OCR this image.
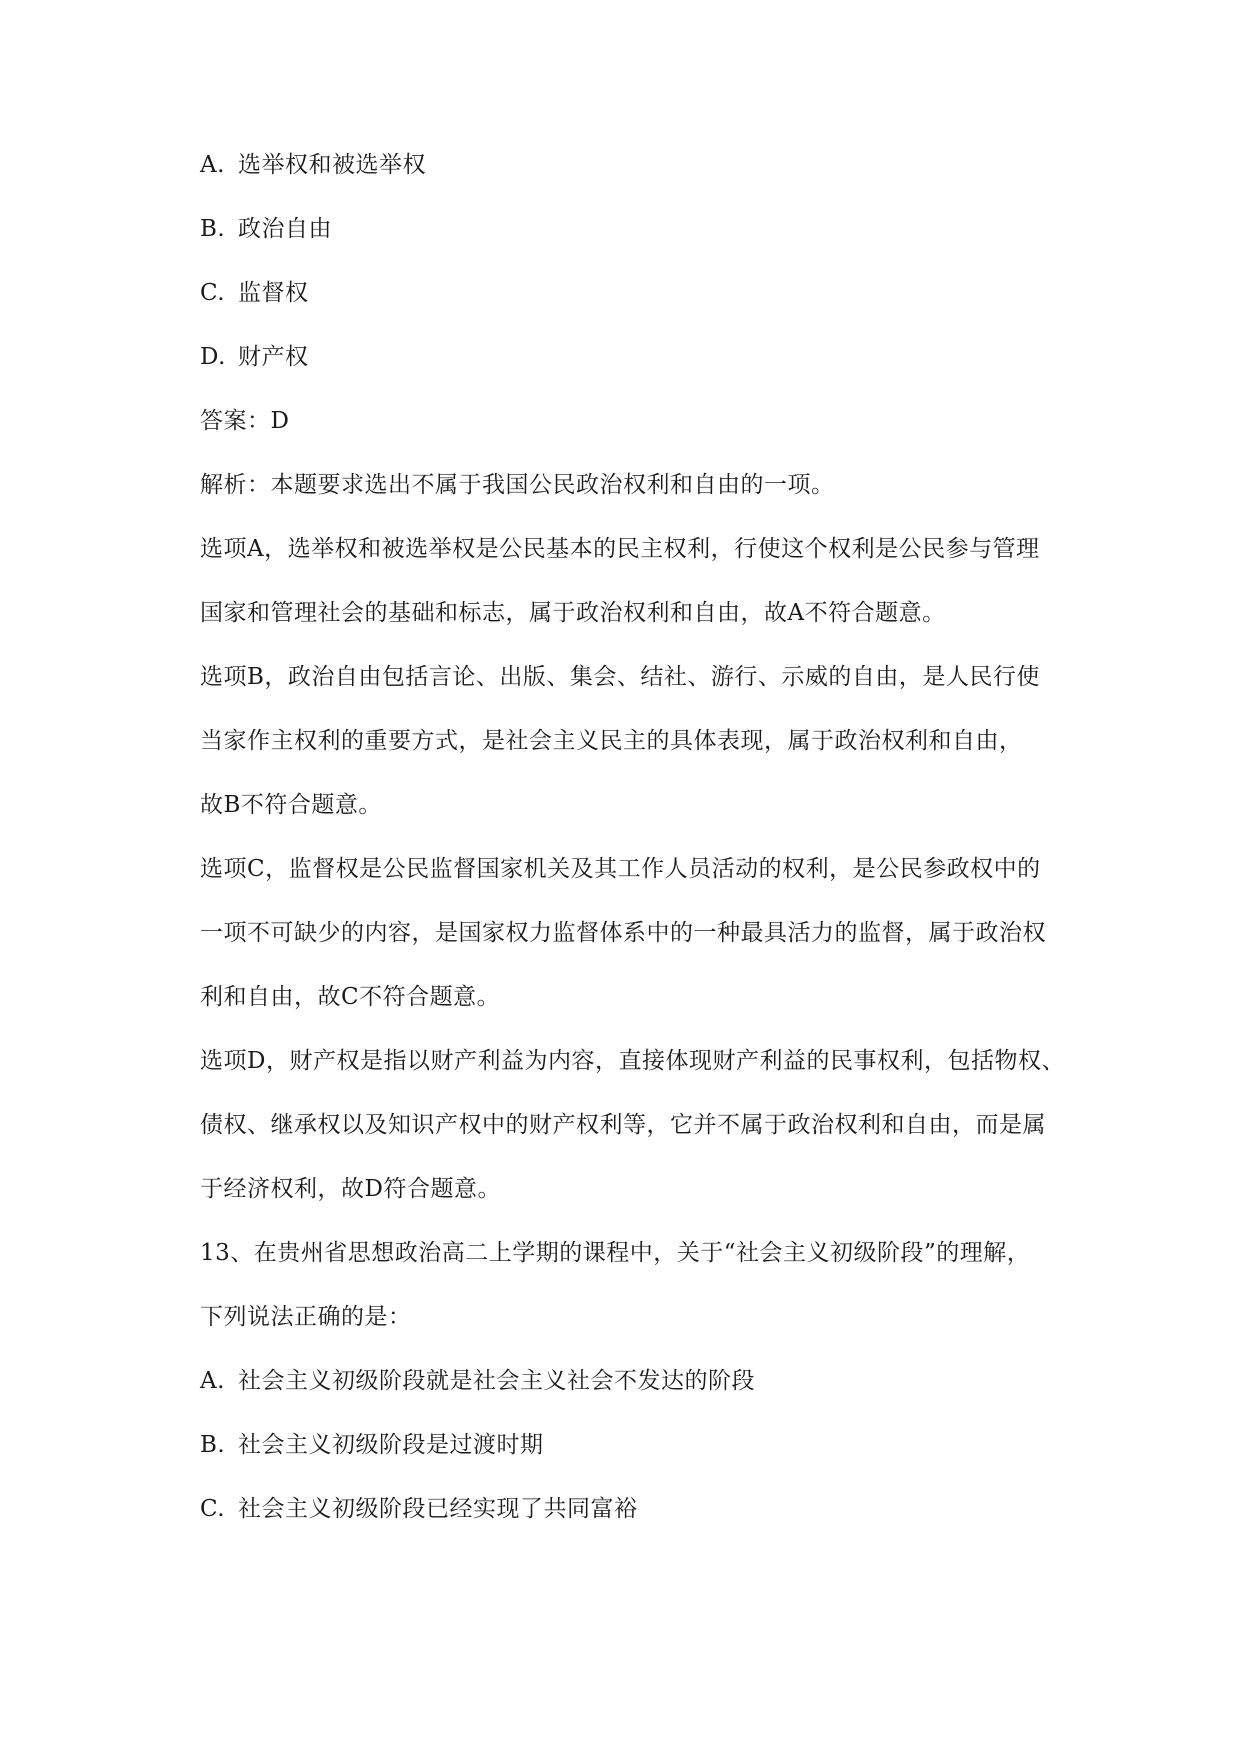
A. 选举权和被选举权
B. 政治自由
C. 监督权
D. 财产权
答案：D
解析：本题要求选出不属于我国公民政治权利和自由的一项。
选项A，选举权和被选举权是公民基本的民主权利，行使这个权利是公民参与管理
国家和管理社会的基础和标志，属于政治权利和自由，故A不符合题意。
选项B，政治自由包括言论、出版、集会、结社、游行、示威的自由，是人民行使
当家作主权利的重要方式，是社会主义民主的具体表现，属于政治权利和自由，
故B不符合题意。
选项C，监督权是公民监督国家机关及其工作人员活动的权利，是公民参政权中的
一项不可缺少的内容，是国家权力监督体系中的一种最具活力的监督，属于政治权
利和自由，故C不符合题意。
选项D，财产权是指以财产利益为内容，直接体现财产利益的民事权利，包括物权、
债权、继承权以及知识产权中的财产权利等，它并不属于政治权利和自由，而是属
于经济权利，故D符合题意。
13、在贵州省思想政治高二上学期的课程中，关于“社会主义初级阶段”的理解，
下列说法正确的是：
A. 社会主义初级阶段就是社会主义社会不发达的阶段
B. 社会主义初级阶段是过渡时期
C. 社会主义初级阶段已经实现了共同富裕
